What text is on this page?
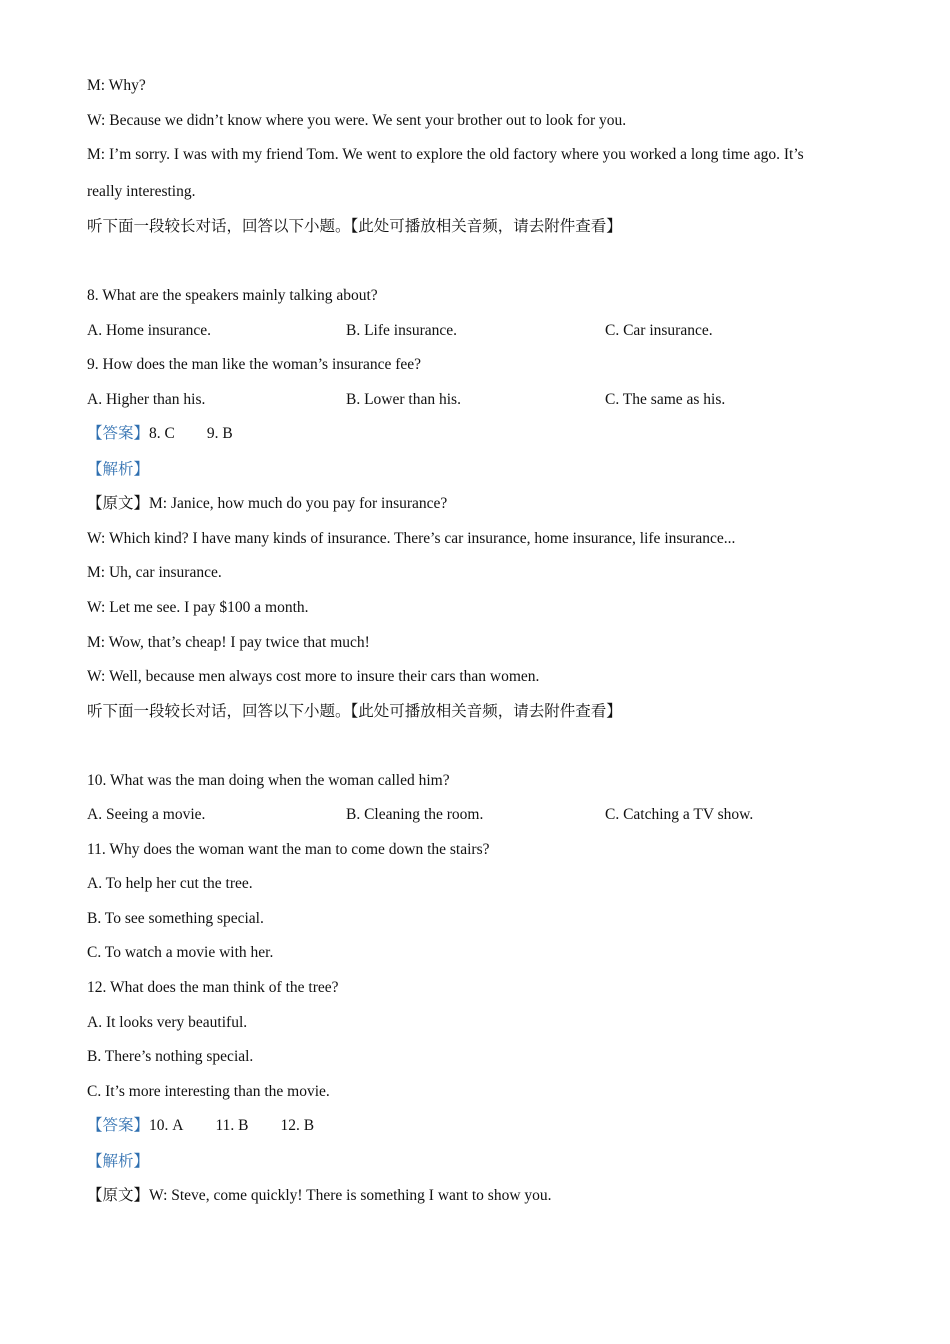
M: Why?
W: Because we didn’t know where you were. We sent your brother out to look for you.
M: I’m sorry. I was with my friend Tom. We went to explore the old factory where you worked a long time ago. It’s
really interesting.
听下面一段较长对话，回答以下小题。【此处可播放相关音频，请去附件查看】
8. What are the speakers mainly talking about?
A. Home insurance.	B. Life insurance.	C. Car insurance.
9. How does the man like the woman’s insurance fee?
A. Higher than his.	B. Lower than his.	C. The same as his.
【答案】8. C 9. B
【解析】
【原文】M: Janice, how much do you pay for insurance?
W: Which kind? I have many kinds of insurance. There’s car insurance, home insurance, life insurance...
M: Uh, car insurance.
W: Let me see. I pay $100 a month.
M: Wow, that’s cheap! I pay twice that much!
W: Well, because men always cost more to insure their cars than women.
听下面一段较长对话，回答以下小题。【此处可播放相关音频，请去附件查看】
10. What was the man doing when the woman called him?
A. Seeing a movie.	B. Cleaning the room.	C. Catching a TV show.
11. Why does the woman want the man to come down the stairs?
A. To help her cut the tree.
B. To see something special.
C. To watch a movie with her.
12. What does the man think of the tree?
A. It looks very beautiful.
B. There’s nothing special.
C. It’s more interesting than the movie.
【答案】10. A 11. B 12. B
【解析】
【原文】W: Steve, come quickly! There is something I want to show you.
